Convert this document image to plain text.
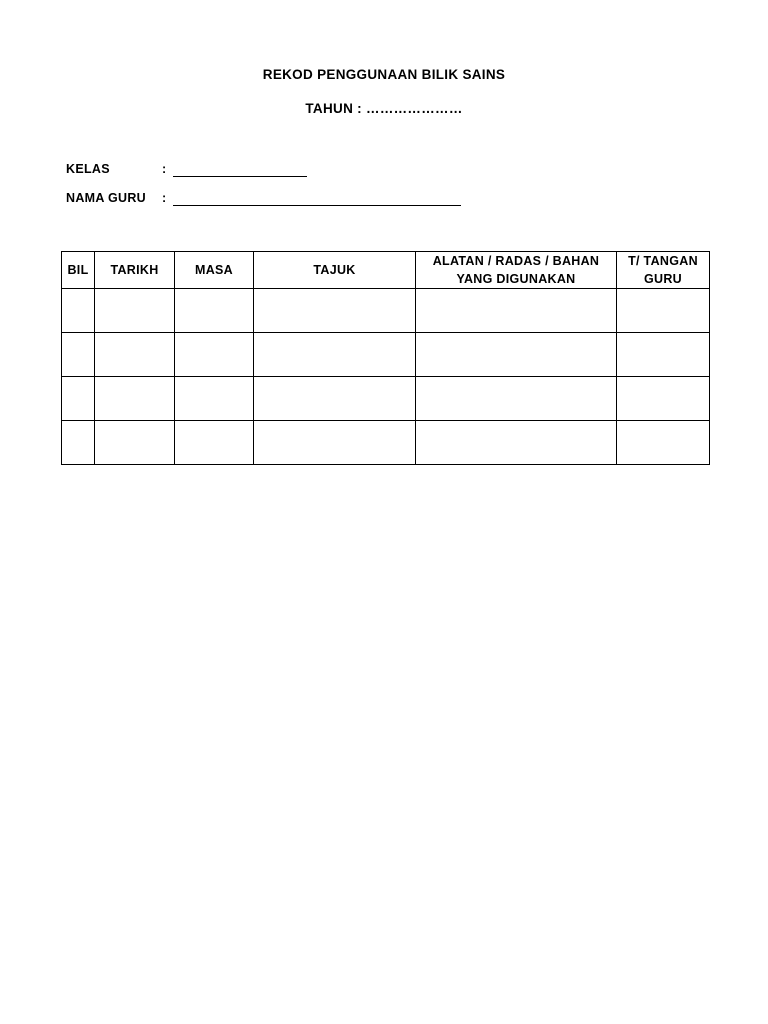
REKOD PENGGUNAAN BILIK SAINS
TAHUN : …………………
KELAS	:
NAMA GURU :
BIL	TARIKH	MASA	TAJUK	ALATAN / RADAS / BAHAN YANG DIGUNAKAN	T/ TANGAN GURU
